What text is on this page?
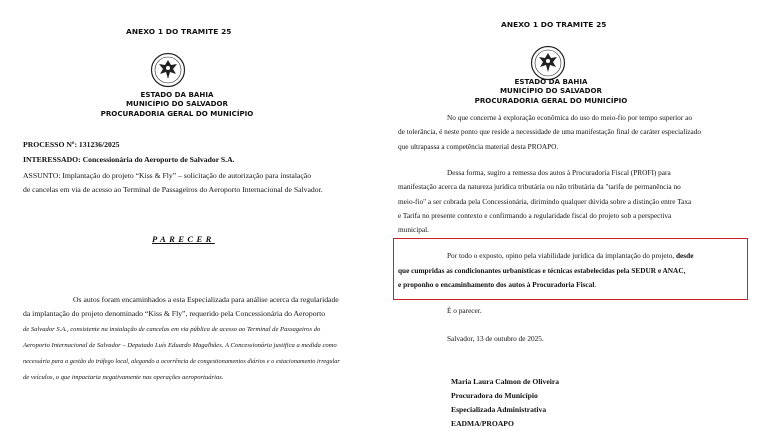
ANEXO 1 DO TRAMITE 25
ESTADO DA BAHIA
MUNICÍPIO DO SALVADOR
PROCURADORIA GERAL DO MUNICÍPIO
PROCESSO Nº: 131236/2025
INTERESSADO: Concessionária do Aeroporto de Salvador S.A.
ASSUNTO: Implantação do projeto “Kiss & Fly” – solicitação de autorização para instalação
de cancelas em via de acesso ao Terminal de Passageiros do Aeroporto Internacional de Salvador.
PARECER
Os autos foram encaminhados a esta Especializada para análise acerca da regularidade
da implantação do projeto denominado “Kiss & Fly”, requerido pela Concessionária do Aeroporto
de Salvador S.A., consistente na instalação de cancelas em via pública de acesso ao Terminal de Passageiros do
Aeroporto Internacional de Salvador – Deputado Luís Eduardo Magalhães. A Concessionária justifica a medida como
necessária para a gestão do tráfego local, alegando a ocorrência de congestionamentos diários e o estacionamento irregular
de veículos, o que impactaria negativamente nas operações aeroportuárias.
ANEXO 1 DO TRAMITE 25
ESTADO DA BAHIA
MUNICÍPIO DO SALVADOR
PROCURADORIA GERAL DO MUNICÍPIO
No que concerne à exploração econômica do uso do meio-fio por tempo superior ao
de tolerância, é neste ponto que reside a necessidade de uma manifestação final de caráter especializado
que ultrapassa a competência material desta PROAPO.
Dessa forma, sugiro a remessa dos autos à Procuradoria Fiscal (PROFI) para
manifestação acerca da natureza jurídica tributária ou não tributária da "tarifa de permanência no
meio-fio" a ser cobrada pela Concessionária, dirimindo qualquer dúvida sobre a distinção entre Taxa
e Tarifa no presente contexto e confirmando a regularidade fiscal do projeto sob a perspectiva
municipal.
Por todo o exposto, opino pela viabilidade jurídica da implantação do projeto, desde
que cumpridas as condicionantes urbanísticas e técnicas estabelecidas pela SEDUR e ANAC,
e proponho o encaminhamento dos autos à Procuradoria Fiscal.
É o parecer.
Salvador, 13 de outubro de 2025.
Maria Laura Calmon de Oliveira
Procuradora do Município
Especializada Administrativa
EADMA/PROAPO
